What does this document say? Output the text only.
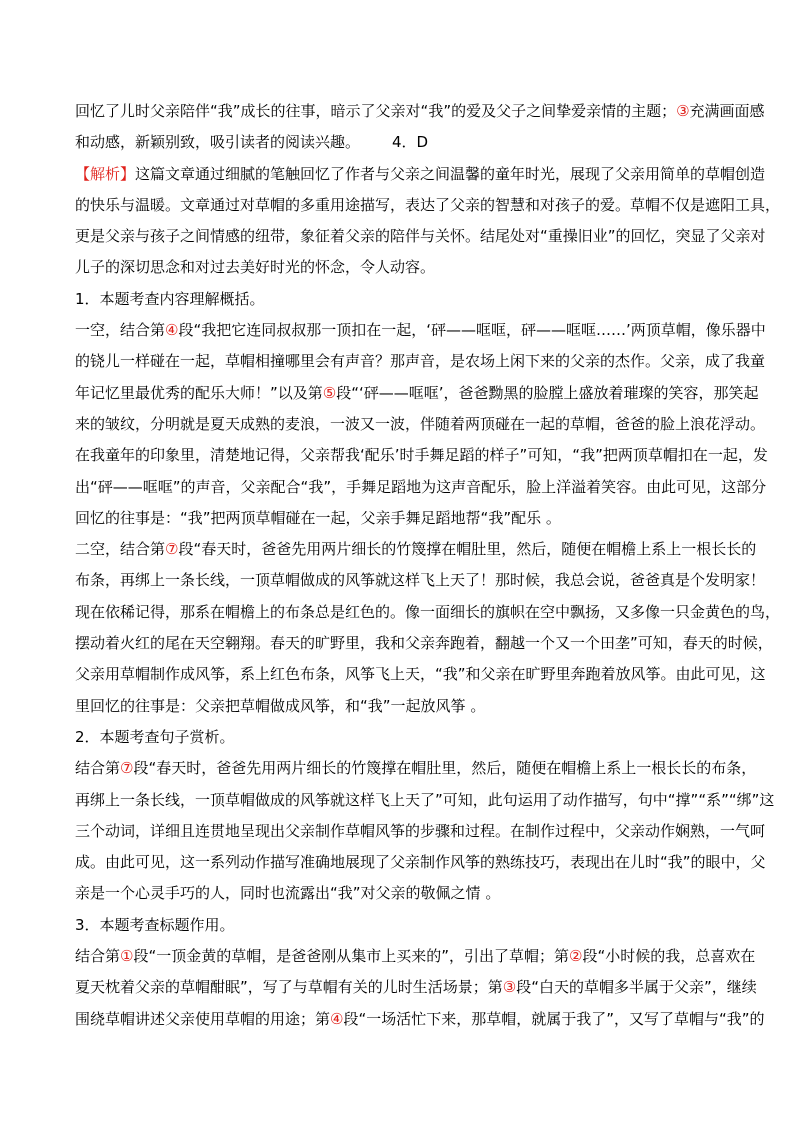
回忆了儿时父亲陪伴“我”成长的往事，暗示了父亲对“我”的爱及父子之间挚爱亲情的主题；③充满画面感
和动感，新颖别致，吸引读者的阅读兴趣。 4．D
【解析】这篇文章通过细腻的笔触回忆了作者与父亲之间温馨的童年时光，展现了父亲用简单的草帽创造
的快乐与温暖。文章通过对草帽的多重用途描写，表达了父亲的智慧和对孩子的爱。草帽不仅是遮阳工具，
更是父亲与孩子之间情感的纽带，象征着父亲的陪伴与关怀。结尾处对“重操旧业”的回忆，突显了父亲对
儿子的深切思念和对过去美好时光的怀念，令人动容。
1．本题考查内容理解概括。
一空，结合第④段“我把它连同叔叔那一顶扣在一起，‘砰——哐哐，砰——哐哐……’两顶草帽，像乐器中
的铙儿一样碰在一起，草帽相撞哪里会有声音？那声音，是农场上闲下来的父亲的杰作。父亲，成了我童
年记忆里最优秀的配乐大师！”以及第⑤段“‘砰——哐哐’，爸爸黝黑的脸膛上盛放着璀璨的笑容，那笑起
来的皱纹，分明就是夏天成熟的麦浪，一波又一波，伴随着两顶碰在一起的草帽，爸爸的脸上浪花浮动。
在我童年的印象里，清楚地记得，父亲帮我‘配乐’时手舞足蹈的样子”可知，“我”把两顶草帽扣在一起，发
出“砰——哐哐”的声音，父亲配合“我”，手舞足蹈地为这声音配乐，脸上洋溢着笑容。由此可见，这部分
回忆的往事是：“我”把两顶草帽碰在一起，父亲手舞足蹈地帮“我”配乐 。
二空，结合第⑦段“春天时，爸爸先用两片细长的竹篾撑在帽肚里，然后，随便在帽檐上系上一根长长的
布条，再绑上一条长线，一顶草帽做成的风筝就这样飞上天了！那时候，我总会说，爸爸真是个发明家！
现在依稀记得，那系在帽檐上的布条总是红色的。像一面细长的旗帜在空中飘扬，又多像一只金黄色的鸟，
摆动着火红的尾在天空翱翔。春天的旷野里，我和父亲奔跑着，翻越一个又一个田垄”可知，春天的时候，
父亲用草帽制作成风筝，系上红色布条，风筝飞上天，“我”和父亲在旷野里奔跑着放风筝。由此可见，这
里回忆的往事是：父亲把草帽做成风筝，和“我”一起放风筝 。
2．本题考查句子赏析。
结合第⑦段“春天时，爸爸先用两片细长的竹篾撑在帽肚里，然后，随便在帽檐上系上一根长长的布条，
再绑上一条长线，一顶草帽做成的风筝就这样飞上天了”可知，此句运用了动作描写，句中“撑”“系”“绑”这
三个动词，详细且连贯地呈现出父亲制作草帽风筝的步骤和过程。在制作过程中，父亲动作娴熟，一气呵
成。由此可见，这一系列动作描写准确地展现了父亲制作风筝的熟练技巧，表现出在儿时“我”的眼中，父
亲是一个心灵手巧的人，同时也流露出“我”对父亲的敬佩之情 。
3．本题考查标题作用。
结合第①段“一顶金黄的草帽，是爸爸刚从集市上买来的”，引出了草帽；第②段“小时候的我，总喜欢在
夏天枕着父亲的草帽酣眠”，写了与草帽有关的儿时生活场景；第③段“白天的草帽多半属于父亲”，继续
围绕草帽讲述父亲使用草帽的用途；第④段“一场活忙下来，那草帽，就属于我了”，又写了草帽与“我”的
